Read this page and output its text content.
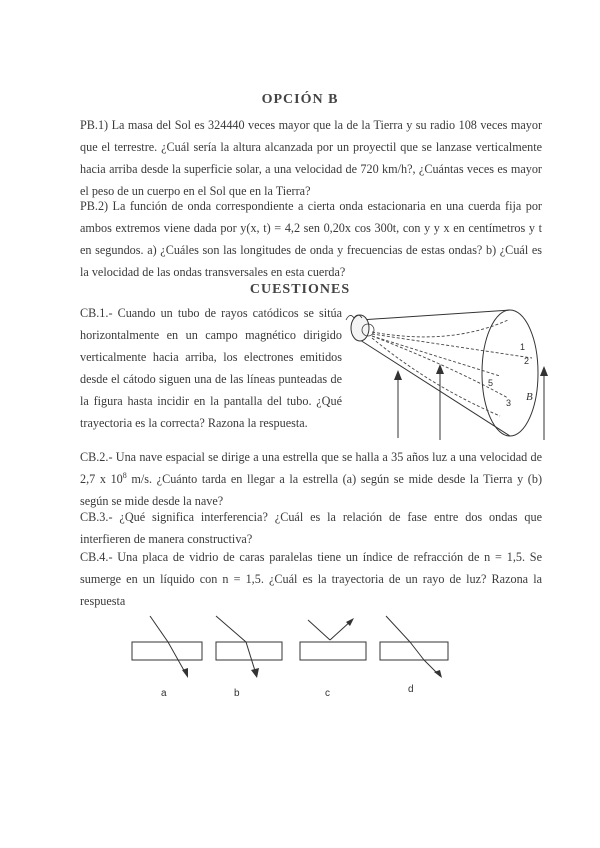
OPCIÓN B
PB.1) La masa del Sol es 324440 veces mayor que la de la Tierra y su radio 108 veces mayor que el terrestre. ¿Cuál sería la altura alcanzada por un proyectil que se lanzase verticalmente hacia arriba desde la superficie solar, a una velocidad de 720 km/h?, ¿Cuántas veces es mayor el peso de un cuerpo en el Sol que en la Tierra?
PB.2) La función de onda correspondiente a cierta onda estacionaria en una cuerda fija por ambos extremos viene dada por y(x, t) = 4,2 sen 0,20x cos 300t, con y y x en centímetros y t en segundos. a) ¿Cuáles son las longitudes de onda y frecuencias de estas ondas? b) ¿Cuál es la velocidad de las ondas transversales en esta cuerda?
CUESTIONES
CB.1.- Cuando un tubo de rayos catódicos se sitúa horizontalmente en un campo magnético dirigido verticalmente hacia arriba, los electrones emitidos desde el cátodo siguen una de las líneas punteadas de la figura hasta incidir en la pantalla del tubo. ¿Qué trayectoria es la correcta? Razona la respuesta.
1
2
3
5
B
CB.2.- Una nave espacial se dirige a una estrella que se halla a 35 años luz a una velocidad de 2,7 x $10^8$ m/s. ¿Cuánto tarda en llegar a la estrella (a) según se mide desde la Tierra y (b) según se mide desde la nave?
CB.3.- ¿Qué significa interferencia? ¿Cuál es la relación de fase entre dos ondas que interfieren de manera constructiva?
CB.4.- Una placa de vidrio de caras paralelas tiene un índice de refracción de n = 1,5. Se sumerge en un líquido con n = 1,5. ¿Cuál es la trayectoria de un rayo de luz? Razona la respuesta
a	b	c	d
